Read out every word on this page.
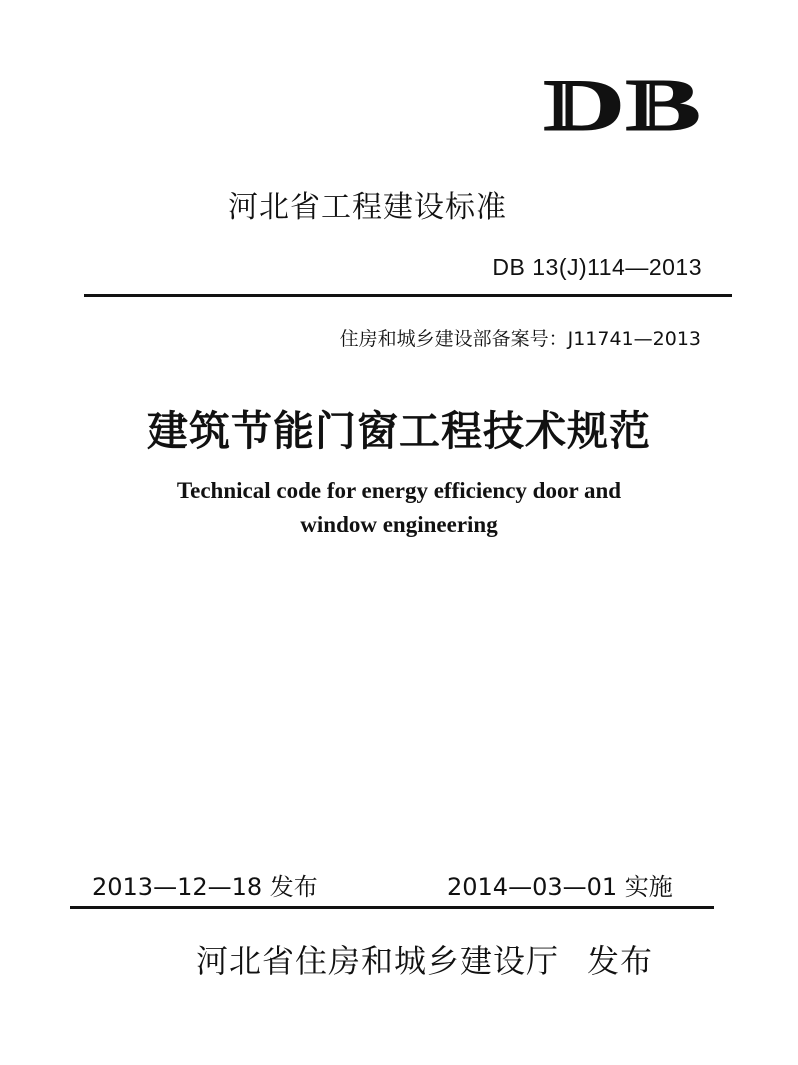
DB
河北省工程建设标准
DB 13(J)114—2013
住房和城乡建设部备案号：J11741—2013
建筑节能门窗工程技术规范
Technical code for energy efficiency door and
window engineering
2013—12—18 发布	2014—03—01 实施
河北省住房和城乡建设厅 发布
